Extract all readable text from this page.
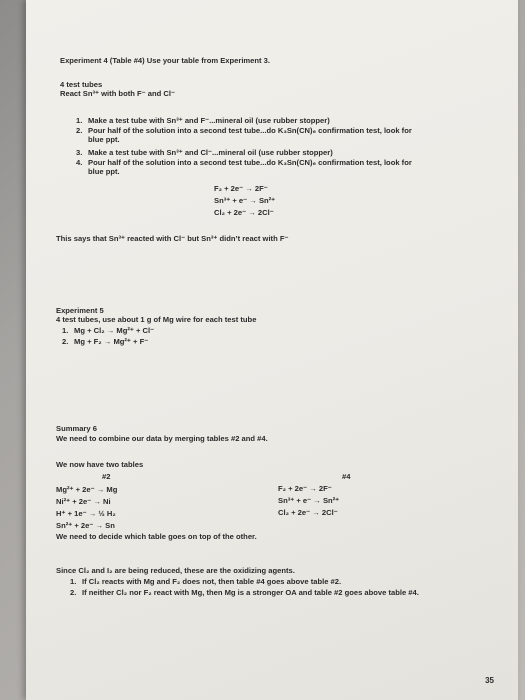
Experiment 4 (Table #4) Use your table from Experiment 3.
4 test tubes
React Sn³⁺ with both F⁻ and Cl⁻
1. Make a test tube with Sn³⁺ and F⁻...mineral oil (use rubber stopper)
2. Pour half of the solution into a second test tube...do K₃Sn(CN)₆ confirmation test, look for
blue ppt.
3. Make a test tube with Sn³⁺ and Cl⁻...mineral oil (use rubber stopper)
4. Pour half of the solution into a second test tube...do K₃Sn(CN)₆ confirmation test, look for
blue ppt.
F₂ + 2e⁻ → 2F⁻
Sn³⁺ + e⁻ → Sn²⁺
Cl₂ + 2e⁻ → 2Cl⁻
This says that Sn³⁺ reacted with Cl⁻ but Sn³⁺ didn’t react with F⁻
Experiment 5
4 test tubes, use about 1 g of Mg wire for each test tube
1. Mg + Cl₂ → Mg²⁺ + Cl⁻
2. Mg + F₂ → Mg²⁺ + F⁻
Summary 6
We need to combine our data by merging tables #2 and #4.
We now have two tables
#2	#4
Mg²⁺ + 2e⁻ → Mg
Ni²⁺ + 2e⁻ → Ni
H⁺ + 1e⁻ → ½ H₂
Sn²⁺ + 2e⁻ → Sn
F₂ + 2e⁻ → 2F⁻
Sn³⁺ + e⁻ → Sn²⁺
Cl₂ + 2e⁻ → 2Cl⁻
We need to decide which table goes on top of the other.
Since Cl₂ and I₂ are being reduced, these are the oxidizing agents.
1. If Cl₂ reacts with Mg and F₂ does not, then table #4 goes above table #2.
2. If neither Cl₂ nor F₂ react with Mg, then Mg is a stronger OA and table #2 goes above table #4.
35
